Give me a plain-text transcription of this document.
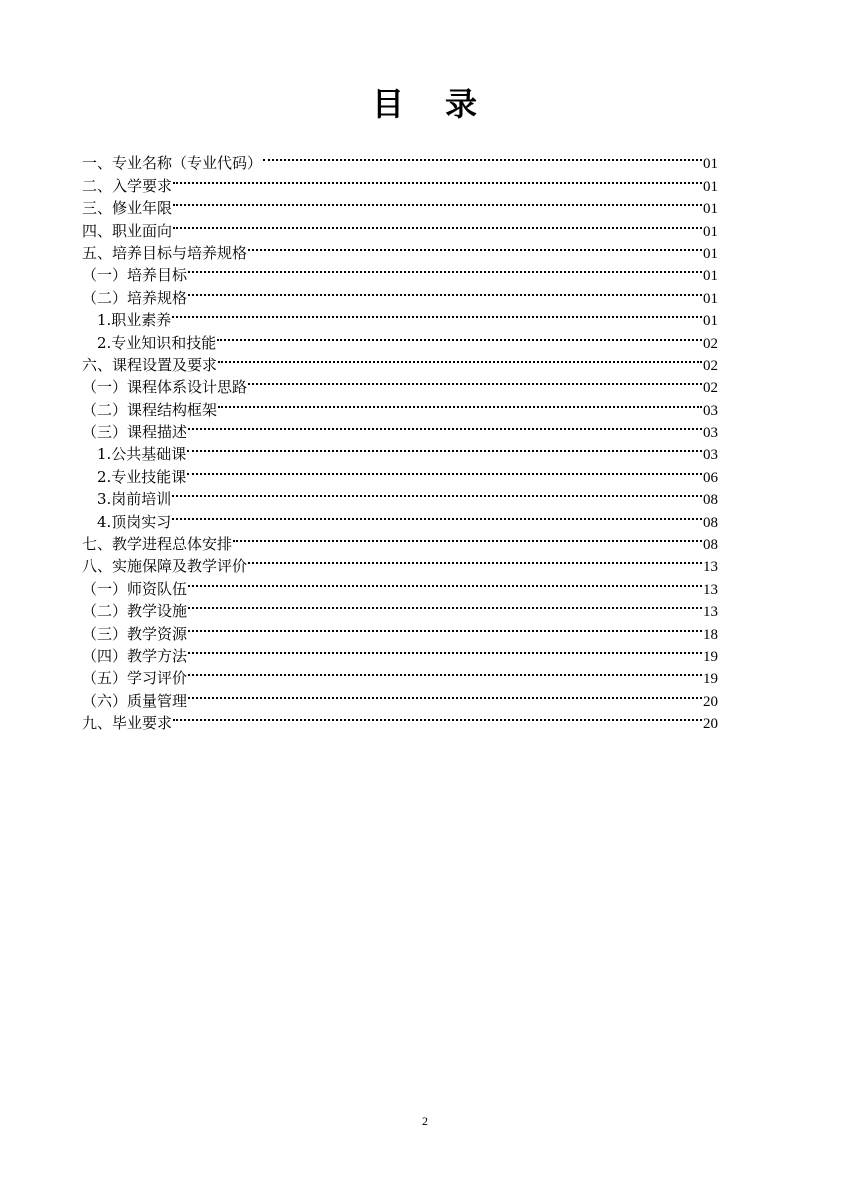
目 录
一、专业名称（专业代码）	01
二、入学要求	01
三、修业年限	01
四、职业面向	01
五、培养目标与培养规格	01
（一）培养目标	01
（二）培养规格	01
1.职业素养	01
2.专业知识和技能	02
六、课程设置及要求	02
（一）课程体系设计思路	02
（二）课程结构框架	03
（三）课程描述	03
1.公共基础课	03
2.专业技能课	06
3.岗前培训	08
4.顶岗实习	08
七、教学进程总体安排	08
八、实施保障及教学评价	13
（一）师资队伍	13
（二）教学设施	13
（三）教学资源	18
（四）教学方法	19
（五）学习评价	19
（六）质量管理	20
九、毕业要求	20
2
